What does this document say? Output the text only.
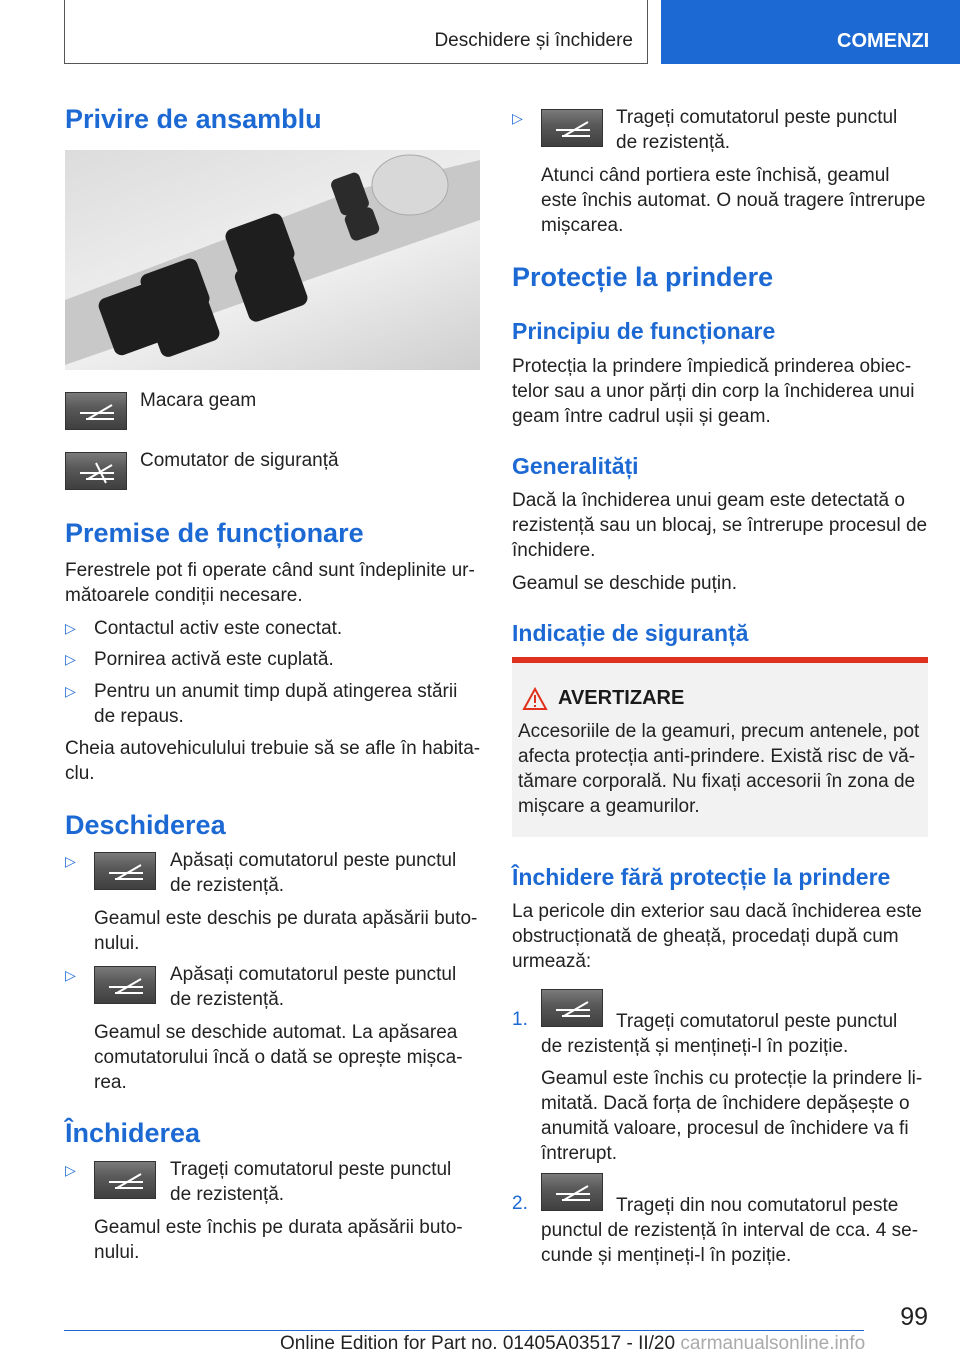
Deschidere și închidere	COMENZI
Privire de ansamblu
Macara geam
Comutator de siguranță
Premise de funcționare
Ferestrele pot fi operate când sunt îndeplinite ur-
mătoarele condiții necesare.
▷ Contactul activ este conectat.
▷ Pornirea activă este cuplată.
▷ Pentru un anumit timp după atingerea stării
de repaus.
Cheia autovehiculului trebuie să se afle în habita-
clu.
Deschiderea
▷	Apăsați comutatorul peste punctul
de rezistență.
Geamul este deschis pe durata apăsării buto-
nului.
▷	Apăsați comutatorul peste punctul
de rezistență.
Geamul se deschide automat. La apăsarea
comutatorului încă o dată se oprește mișca-
rea.
Închiderea
▷	Trageți comutatorul peste punctul
de rezistență.
Geamul este închis pe durata apăsării buto-
nului.
▷	Trageți comutatorul peste punctul
de rezistență.
Atunci când portiera este închisă, geamul
este închis automat. O nouă tragere întrerupe
mișcarea.
Protecție la prindere
Principiu de funcționare
Protecția la prindere împiedică prinderea obiec-
telor sau a unor părți din corp la închiderea unui
geam între cadrul ușii și geam.
Generalități
Dacă la închiderea unui geam este detectată o
rezistență sau un blocaj, se întrerupe procesul de
închidere.
Geamul se deschide puțin.
Indicație de siguranță
AVERTIZARE
Accesoriile de la geamuri, precum antenele, pot
afecta protecția anti-prindere. Există risc de vă-
tămare corporală. Nu fixați accesorii în zona de
mișcare a geamurilor.
Închidere fără protecție la prindere
La pericole din exterior sau dacă închiderea este
obstrucționată de gheață, procedați după cum
urmează:
1.	Trageți comutatorul peste punctul
de rezistență și mențineți-l în poziție.
Geamul este închis cu protecție la prindere li-
mitată. Dacă forța de închidere depășește o
anumită valoare, procesul de închidere va fi
întrerupt.
2.	Trageți din nou comutatorul peste
punctul de rezistență în interval de cca. 4 se-
cunde și mențineți-l în poziție.
99
Online Edition for Part no. 01405A03517 - II/20 carmanualsonline.info
